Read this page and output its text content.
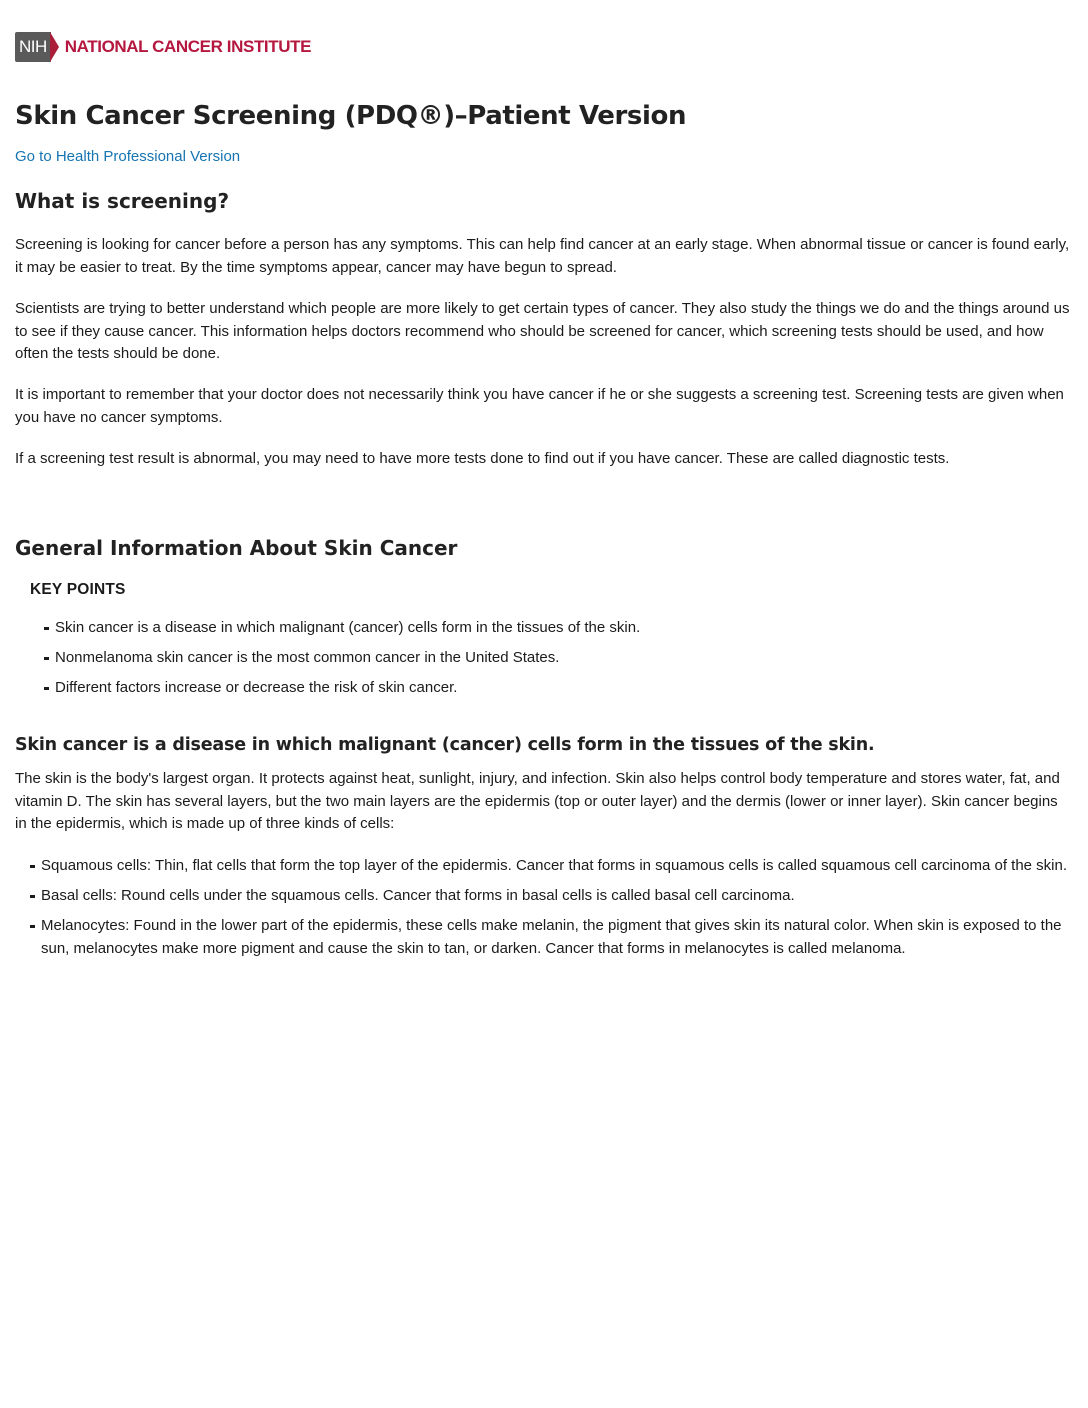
NIH NATIONAL CANCER INSTITUTE
Skin Cancer Screening (PDQ®)–Patient Version
Go to Health Professional Version
What is screening?

Screening is looking for cancer before a person has any symptoms. This can help find cancer at an early stage. When abnormal tissue or cancer is found early, it may be easier to treat. By the time symptoms appear, cancer may have begun to spread.

Scientists are trying to better understand which people are more likely to get certain types of cancer. They also study the things we do and the things around us to see if they cause cancer. This information helps doctors recommend who should be screened for cancer, which screening tests should be used, and how often the tests should be done.

It is important to remember that your doctor does not necessarily think you have cancer if he or she suggests a screening test. Screening tests are given when you have no cancer symptoms.

If a screening test result is abnormal, you may need to have more tests done to find out if you have cancer. These are called diagnostic tests.

General Information About Skin Cancer
KEY POINTS
Skin cancer is a disease in which malignant (cancer) cells form in the tissues of the skin.
Nonmelanoma skin cancer is the most common cancer in the United States.
Different factors increase or decrease the risk of skin cancer.
Skin cancer is a disease in which malignant (cancer) cells form in the tissues of the skin.

The skin is the body's largest organ. It protects against heat, sunlight, injury, and infection. Skin also helps control body temperature and stores water, fat, and vitamin D. The skin has several layers, but the two main layers are the epidermis (top or outer layer) and the dermis (lower or inner layer). Skin cancer begins in the epidermis, which is made up of three kinds of cells:

Squamous cells: Thin, flat cells that form the top layer of the epidermis. Cancer that forms in squamous cells is called squamous cell carcinoma of the skin.
Basal cells: Round cells under the squamous cells. Cancer that forms in basal cells is called basal cell carcinoma.
Melanocytes: Found in the lower part of the epidermis, these cells make melanin, the pigment that gives skin its natural color. When skin is exposed to the sun, melanocytes make more pigment and cause the skin to tan, or darken. Cancer that forms in melanocytes is called melanoma.
